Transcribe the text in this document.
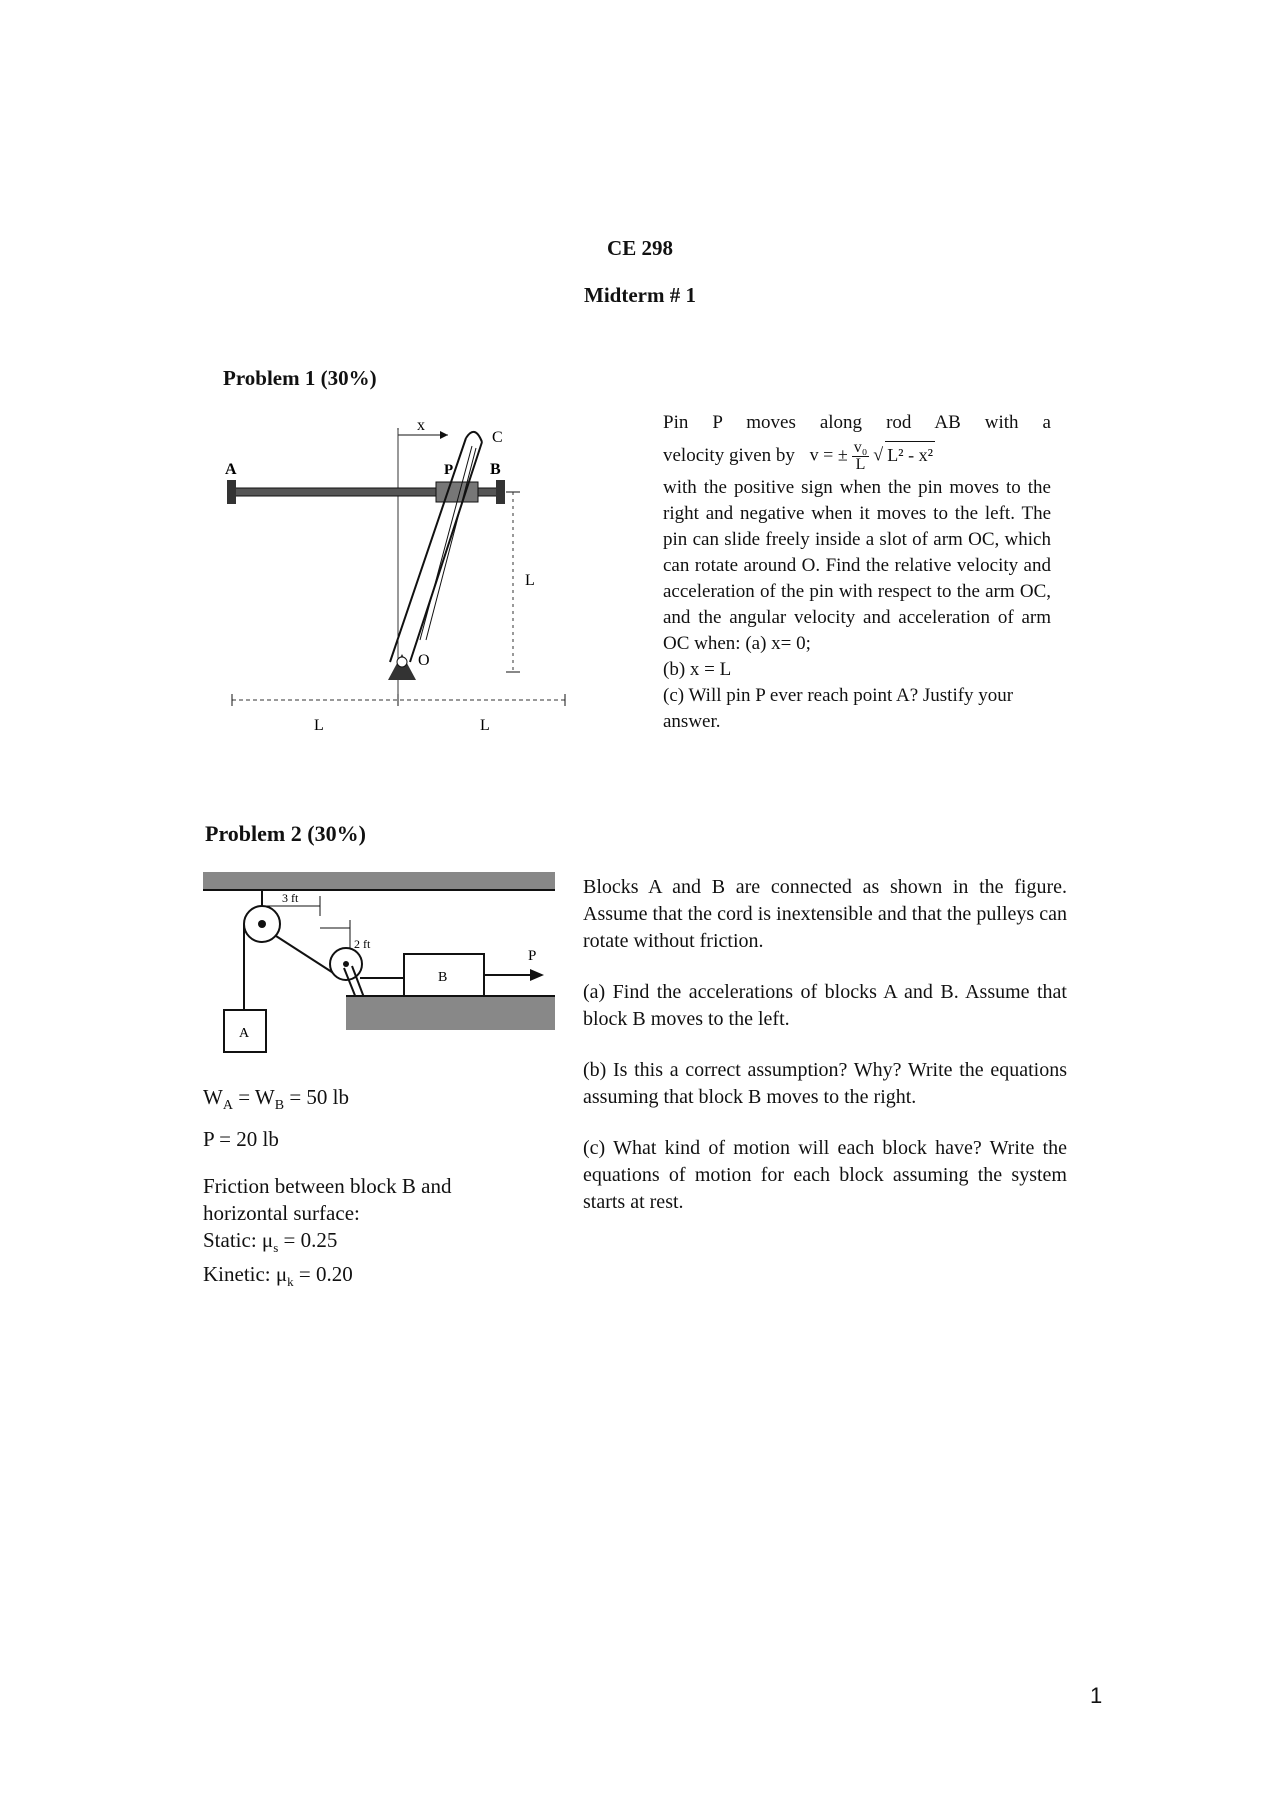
CE 298
Midterm # 1
Problem 1 (30%)
x
A	B
P
C
O
L
L	L
Pin P moves along rod AB with a
velocity given by v = ± $\frac{\text{v₀}}{L}$ √ L² - x²
with the positive sign when the pin moves to the right and negative when it moves to the left. The pin can slide freely inside a slot of arm OC, which can rotate around O. Find the relative velocity and acceleration of the pin with respect to the arm OC, and the angular velocity and acceleration of arm OC when: (a) x= 0;
(b) x = L
(c) Will pin P ever reach point A? Justify your answer.
Problem 2 (30%)
3 ft
2 ft
B
P
A
$W_A = W_B = 50$ lb
P = 20 lb
Friction between block B and horizontal surface:
Static: $\mu_s = 0.25$
Kinetic: $\mu_k = 0.20$

Blocks A and B are connected as shown in the figure. Assume that the cord is inextensible and that the pulleys can rotate without friction.

(a) Find the accelerations of blocks A and B. Assume that block B moves to the left.

(b) Is this a correct assumption? Why? Write the equations assuming that block B moves to the right.

(c) What kind of motion will each block have? Write the equations of motion for each block assuming the system starts at rest.

1
